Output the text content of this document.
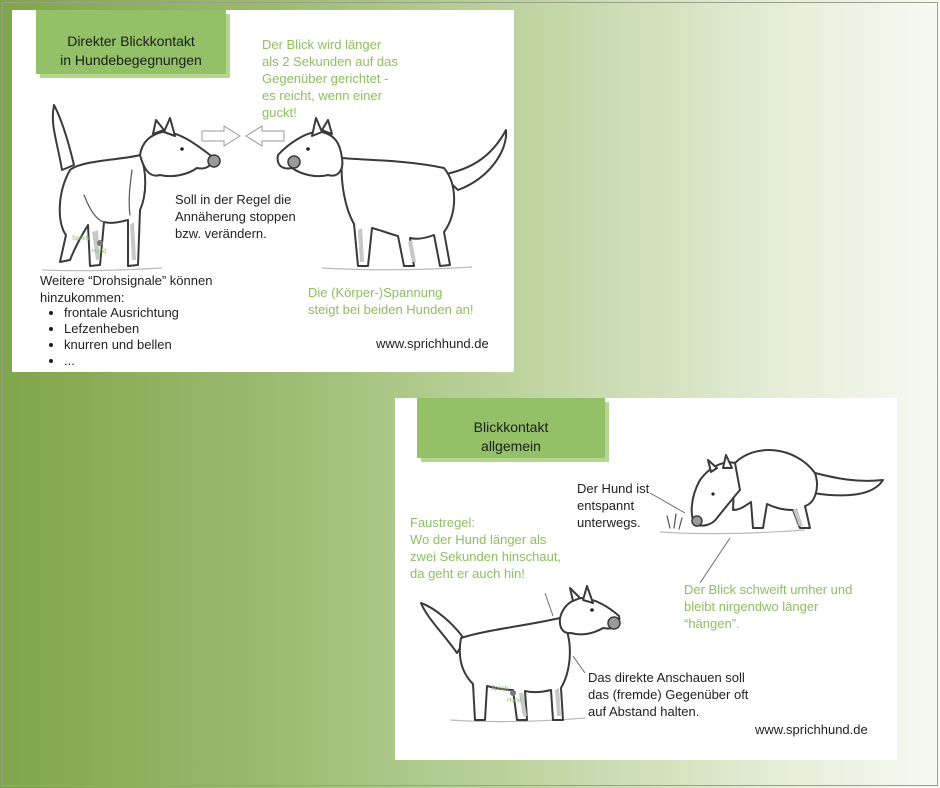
Direkter Blickkontakt
in Hundebegegnungen
Sprich
Hund
Der Blick wird länger
als 2 Sekunden auf das
Gegenüber gerichtet -
es reicht, wenn einer
guckt!
Soll in der Regel die
Annäherung stoppen
bzw. verändern.
Weitere “Drohsignale” können
hinzukommen:
• frontale Ausrichtung
• Lefzenheben
• knurren und bellen
• ...
Die (Körper-)Spannung
steigt bei beiden Hunden an!
www.sprichhund.de
Blickkontakt
allgemein
Sprich
Hund
Der Hund ist
entspannt
unterwegs.
Faustregel:
Wo der Hund länger als
zwei Sekunden hinschaut,
da geht er auch hin!
Der Blick schweift umher und
bleibt nirgendwo länger
“hängen”.
Das direkte Anschauen soll
das (fremde) Gegenüber oft
auf Abstand halten.
www.sprichhund.de
